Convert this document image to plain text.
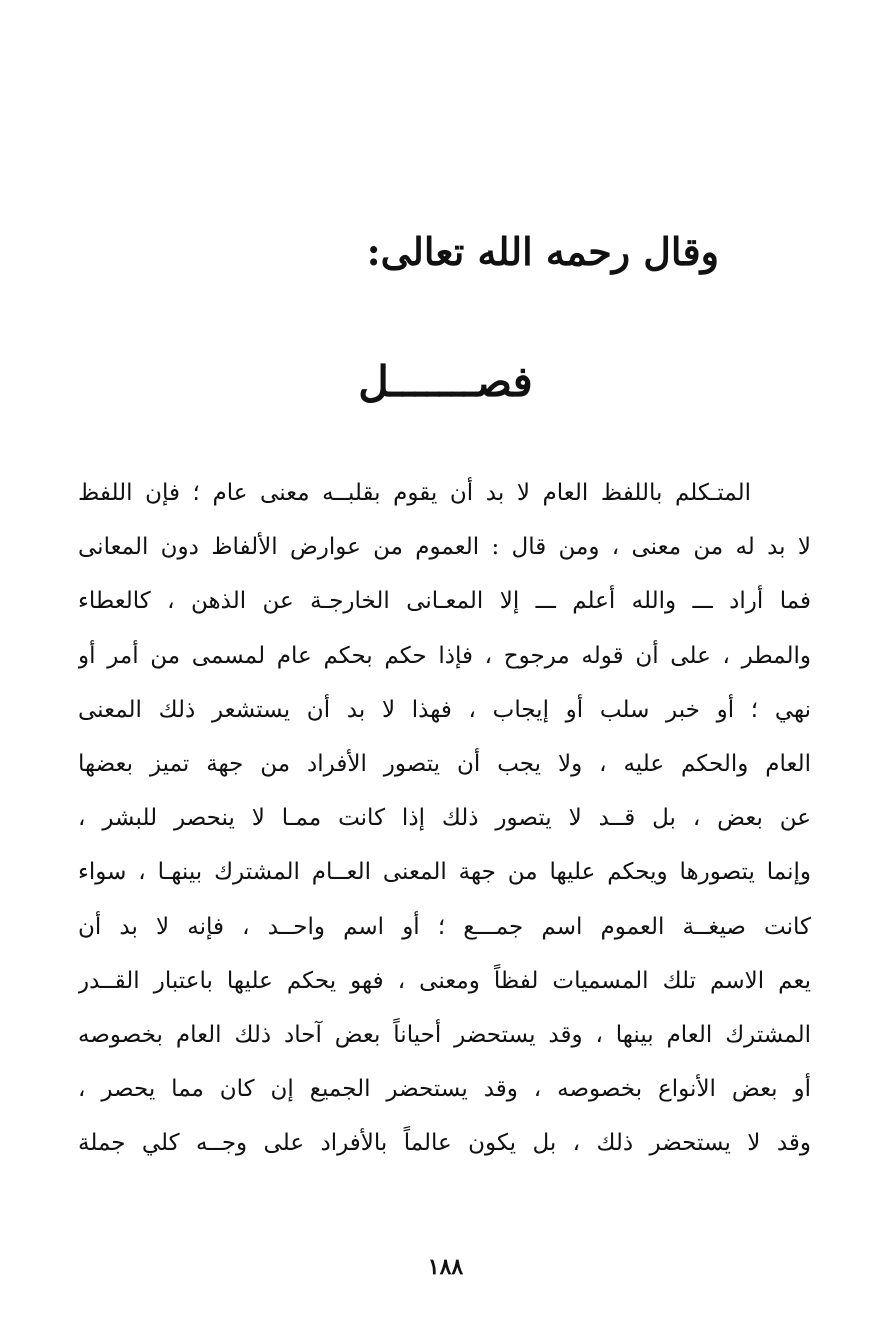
وقال رحمه الله تعالى:
فصـــــــل
المتـكلم باللفظ العام لا بد أن يقوم بقلبــه معنى عام ؛ فإن اللفظ
لا بد له من معنى ، ومن قال : العموم من عوارض الألفاظ دون المعانى
فما أراد ـــ والله أعلم ـــ إلا المعـانى الخارجـة عن الذهن ، كالعطاء
والمطر ، على أن قوله مرجوح ، فإذا حكم بحكم عام لمسمى من أمر أو
نهي ؛ أو خبر سلب أو إيجاب ، فهذا لا بد أن يستشعر ذلك المعنى
العام والحكم عليه ، ولا يجب أن يتصور الأفراد من جهة تميز بعضها
عن بعض ، بل قــد لا يتصور ذلك إذا كانت ممـا لا ينحصر للبشر ،
وإنما يتصورها ويحكم عليها من جهة المعنى العــام المشترك بينهـا ، سواء
كانت صيغــة العموم اسم جمـــع ؛ أو اسم واحــد ، فإنه لا بد أن
يعم الاسم تلك المسميات لفظاً ومعنى ، فهو يحكم عليها باعتبار القــدر
المشترك العام بينها ، وقد يستحضر أحياناً بعض آحاد ذلك العام بخصوصه
أو بعض الأنواع بخصوصه ، وقد يستحضر الجميع إن كان مما يحصر ،
وقد لا يستحضر ذلك ، بل يكون عالماً بالأفراد على وجــه كلي جملة
١٨٨
